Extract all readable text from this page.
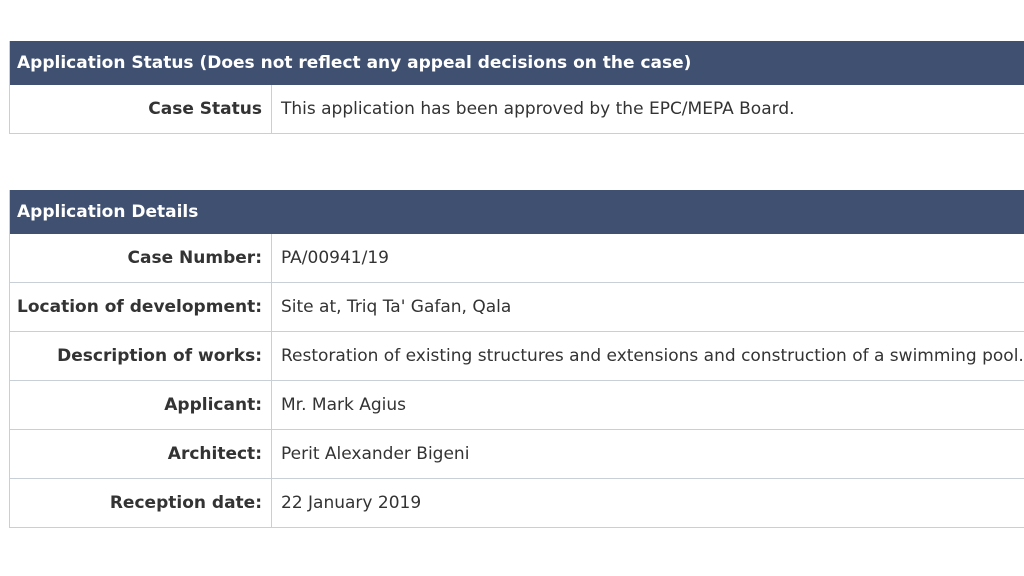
Application Status (Does not reflect any appeal decisions on the case)
Case Status	This application has been approved by the EPC/MEPA Board.
Application Details
Case Number:	PA/00941/19
Location of development:	Site at, Triq Ta' Gafan, Qala
Description of works:	Restoration of existing structures and extensions and construction of a swimming pool.
Applicant:	Mr. Mark Agius
Architect:	Perit Alexander Bigeni
Reception date:	22 January 2019
